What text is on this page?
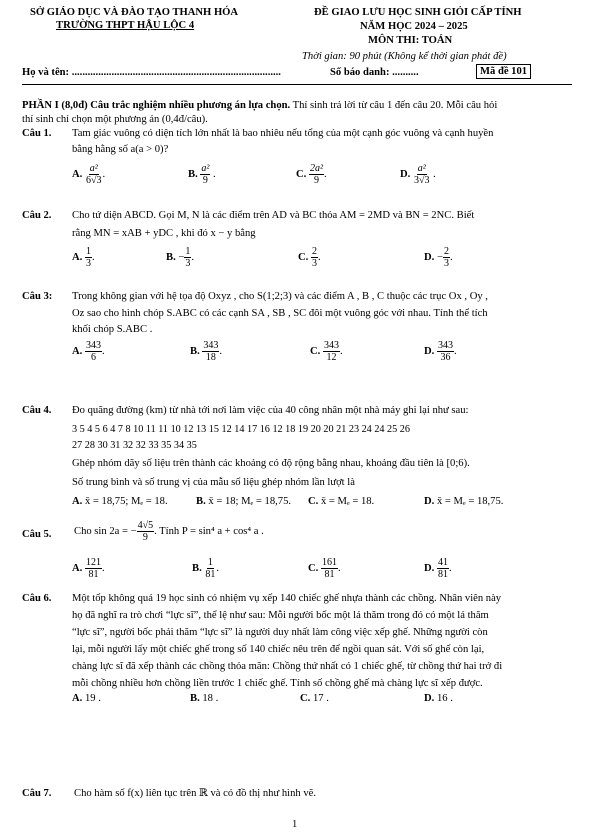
SỞ GIÁO DỤC VÀ ĐÀO TẠO THANH HÓA
TRƯỜNG THPT HẬU LỘC 4
ĐỀ GIAO LƯU HỌC SINH GIỎI CẤP TỈNH
NĂM HỌC 2024 – 2025
MÔN THI: TOÁN
Thời gian: 90 phút (Không kể thời gian phát đề)
Họ và tên: ...............................................................................	Số báo danh: ..........	Mã đề 101
PHẦN I (8,0đ) Câu trắc nghiệm nhiều phương án lựa chọn. Thí sinh trả lời từ câu 1 đến câu 20. Mỗi câu hỏi
thí sinh chỉ chọn một phương án (0,4đ/câu).
Câu 1. Tam giác vuông có diện tích lớn nhất là bao nhiêu nếu tổng của một cạnh góc vuông và cạnh huyền
bằng hằng số a(a > 0)?
A. $\frac{\text{a²}}{6√3}$ .	B. $\frac{\text{a²}}{9}$ .	C. $\frac{\text{2a²}}{9}$ .	D. $\frac{\text{a²}}{3√3}$ .
Câu 2. Cho tứ diện ABCD. Gọi M, N là các điểm trên AD và BC thỏa AM = 2MD và BN = 2NC. Biết
rằng MN = xAB + yDC , khi đó x − y bằng
A. $\frac{1}{3}$ .	B. − $\frac{1}{3}$ .	C. $\frac{2}{3}$ .	D. − $\frac{2}{3}$ .
Câu 3: Trong không gian với hệ tọa độ Oxyz , cho S(1;2;3) và các điểm A , B , C thuộc các trục Ox , Oy ,
Oz sao cho hình chóp S.ABC có các cạnh SA , SB , SC đôi một vuông góc với nhau. Tính thể tích
khối chóp S.ABC .
A. $\frac{343}{6}$ .	B. $\frac{343}{18}$ .	C. $\frac{343}{12}$ .	D. $\frac{343}{36}$ .
Câu 4. Đo quãng đường (km) từ nhà tới nơi làm việc của 40 công nhân một nhà máy ghi lại như sau:
3 5 4 5 6 4 7 8 10 11 11 10 12 13 15 12 14 17 16 12 18 19 20 20 21 23 24 24 25 26
27 28 30 31 32 32 33 35 34 35
Ghép nhóm dãy số liệu trên thành các khoảng có độ rộng bằng nhau, khoảng đầu tiên là [0;6).
Số trung bình và số trung vị của mẫu số liệu ghép nhóm lần lượt là
A. x̄ = 18,75; Mₑ = 18.	B. x̄ = 18; Mₑ = 18,75. C. x̄ = Mₑ = 18.	D. x̄ = Mₑ = 18,75.
Câu 5. Cho sin 2a = − $\frac{4√5}{9}$ . Tính P = sin⁴ a + cos⁴ a .
A. $\frac{121}{81}$ .	B. $\frac{1}{81}$ .	C. $\frac{161}{81}$ .	D. $\frac{41}{81}$ .
Câu 6. Một tốp không quá 19 học sinh có nhiệm vụ xếp 140 chiếc ghế nhựa thành các chồng. Nhân viên này
họ đã nghĩ ra trò chơi “lực sĩ”, thể lệ như sau: Mỗi người bốc một lá thăm trong đó có một lá thăm
“lực sĩ”, người bốc phải thăm “lực sĩ” là người duy nhất làm công việc xếp ghế. Những người còn
lại, mỗi người lấy một chiếc ghế trong số 140 chiếc nêu trên để ngồi quan sát. Với số ghế còn lại,
chàng lực sĩ đã xếp thành các chồng thỏa mãn: Chồng thứ nhất có 1 chiếc ghế, từ chồng thứ hai trở đi
mỗi chồng nhiều hơn chồng liền trước 1 chiếc ghế. Tính số chồng ghế mà chàng lực sĩ xếp được.
A. 19 .	B. 18 .	C. 17 .	D. 16 .
Câu 7. Cho hàm số f(x) liên tục trên ℝ và có đồ thị như hình vẽ.
1
